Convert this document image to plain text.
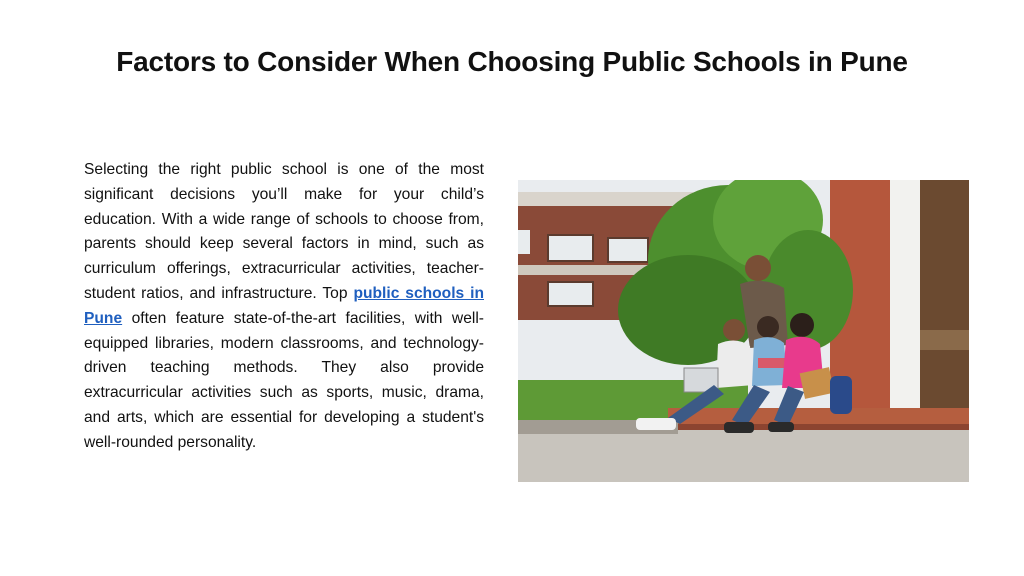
Factors to Consider When Choosing Public Schools in Pune
Selecting the right public school is one of the most significant decisions you’ll make for your child’s education. With a wide range of schools to choose from, parents should keep several factors in mind, such as curriculum offerings, extracurricular activities, teacher-student ratios, and infrastructure. Top public schools in Pune often feature state-of-the-art facilities, with well-equipped libraries, modern classrooms, and technology-driven teaching methods. They also provide extracurricular activities such as sports, music, drama, and arts, which are essential for developing a student's well-rounded personality.
